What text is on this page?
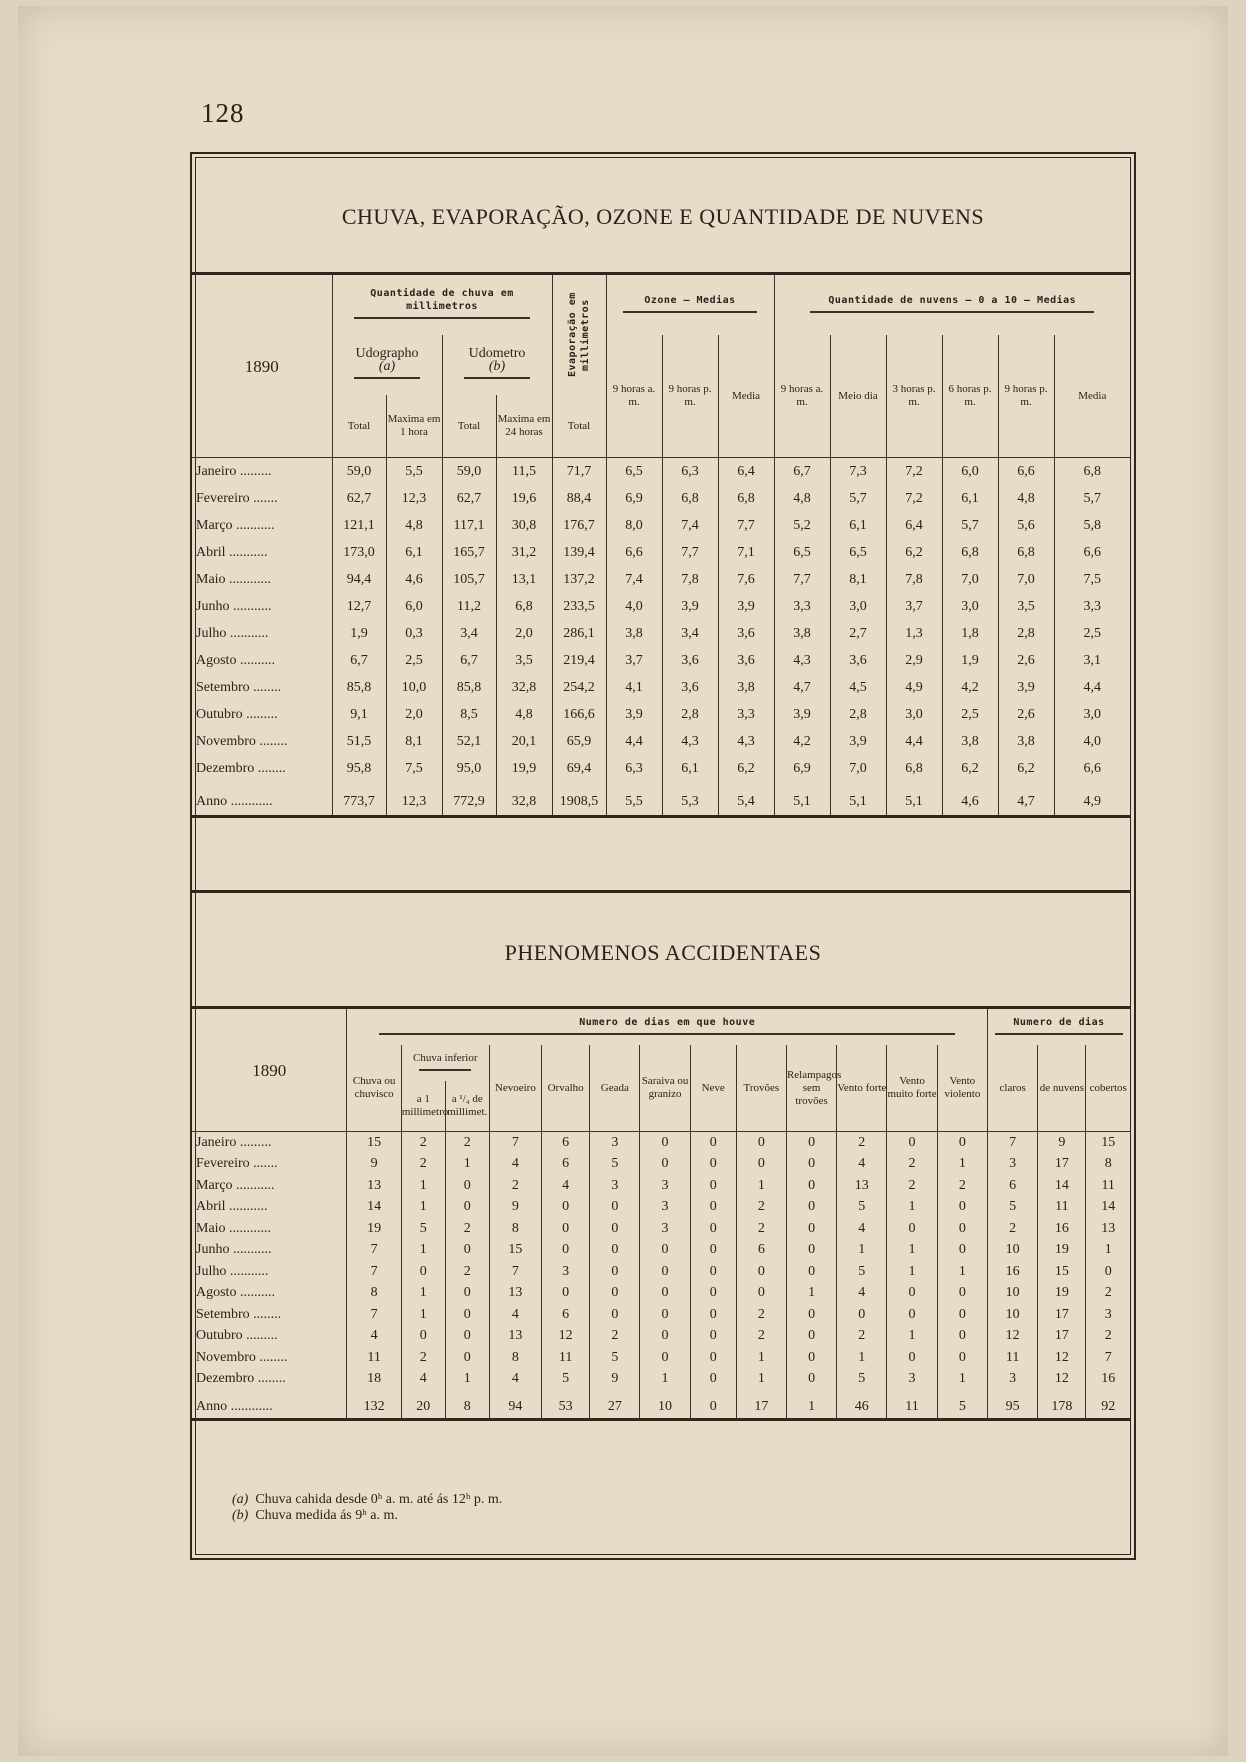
128
CHUVA, EVAPORAÇÃO, OZONE E QUANTIDADE DE NUVENS
1890	Quantidade de chuva em millimetros				Evaporação em millimetros	Ozone — Medias			Quantidade de nuvens — 0 a 10 — Medias					

	Udographo
(a)		Udometro
(b)			9 horas a. m.	9 horas p. m.	Media	9 horas a. m.	Meio dia	3 horas p. m.	6 horas p. m.	9 horas p. m.	Media
	Total	Maxima em 1 hora	Total	Maxima em 24 horas	Total									
Janeiro .........	59,0	5,5	59,0	11,5	71,7	6,5	6,3	6,4	6,7	7,3	7,2	6,0	6,6	6,8
Fevereiro .......	62,7	12,3	62,7	19,6	88,4	6,9	6,8	6,8	4,8	5,7	7,2	6,1	4,8	5,7
Março ...........	121,1	4,8	117,1	30,8	176,7	8,0	7,4	7,7	5,2	6,1	6,4	5,7	5,6	5,8
Abril ...........	173,0	6,1	165,7	31,2	139,4	6,6	7,7	7,1	6,5	6,5	6,2	6,8	6,8	6,6
Maio ............	94,4	4,6	105,7	13,1	137,2	7,4	7,8	7,6	7,7	8,1	7,8	7,0	7,0	7,5
Junho ...........	12,7	6,0	11,2	6,8	233,5	4,0	3,9	3,9	3,3	3,0	3,7	3,0	3,5	3,3
Julho ...........	1,9	0,3	3,4	2,0	286,1	3,8	3,4	3,6	3,8	2,7	1,3	1,8	2,8	2,5
Agosto ..........	6,7	2,5	6,7	3,5	219,4	3,7	3,6	3,6	4,3	3,6	2,9	1,9	2,6	3,1
Setembro ........	85,8	10,0	85,8	32,8	254,2	4,1	3,6	3,8	4,7	4,5	4,9	4,2	3,9	4,4
Outubro .........	9,1	2,0	8,5	4,8	166,6	3,9	2,8	3,3	3,9	2,8	3,0	2,5	2,6	3,0
Novembro ........	51,5	8,1	52,1	20,1	65,9	4,4	4,3	4,3	4,2	3,9	4,4	3,8	3,8	4,0
Dezembro ........	95,8	7,5	95,0	19,9	69,4	6,3	6,1	6,2	6,9	7,0	6,8	6,2	6,2	6,6
Anno ............	773,7	12,3	772,9	32,8	1908,5	5,5	5,3	5,4	5,1	5,1	5,1	4,6	4,7	4,9
PHENOMENOS ACCIDENTAES
1890	Numero de dias em que houve													Numero de dias		

	Chuva ou chuvisco	Chuva inferior		Nevoeiro	Orvalho	Geada	Saraiva ou granizo	Neve	Trovões	Relampagos sem trovões	Vento forte	Vento muito forte	Vento violento	claros	de nuvens	cobertos
		a 1 millimetro	a ¹/₄ de millimet.													
Janeiro .........	15	2	2	7	6	3	0	0	0	0	2	0	0	7	9	15
Fevereiro .......	9	2	1	4	6	5	0	0	0	0	4	2	1	3	17	8
Março ...........	13	1	0	2	4	3	3	0	1	0	13	2	2	6	14	11
Abril ...........	14	1	0	9	0	0	3	0	2	0	5	1	0	5	11	14
Maio ............	19	5	2	8	0	0	3	0	2	0	4	0	0	2	16	13
Junho ...........	7	1	0	15	0	0	0	0	6	0	1	1	0	10	19	1
Julho ...........	7	0	2	7	3	0	0	0	0	0	5	1	1	16	15	0
Agosto ..........	8	1	0	13	0	0	0	0	0	1	4	0	0	10	19	2
Setembro ........	7	1	0	4	6	0	0	0	2	0	0	0	0	10	17	3
Outubro .........	4	0	0	13	12	2	0	0	2	0	2	1	0	12	17	2
Novembro ........	11	2	0	8	11	5	0	0	1	0	1	0	0	11	12	7
Dezembro ........	18	4	1	4	5	9	1	0	1	0	5	3	1	3	12	16
Anno ............	132	20	8	94	53	27	10	0	17	1	46	11	5	95	178	92
(a) Chuva cahida desde 0ʰ a. m. até ás 12ʰ p. m.
(b) Chuva medida ás 9ʰ a. m.
